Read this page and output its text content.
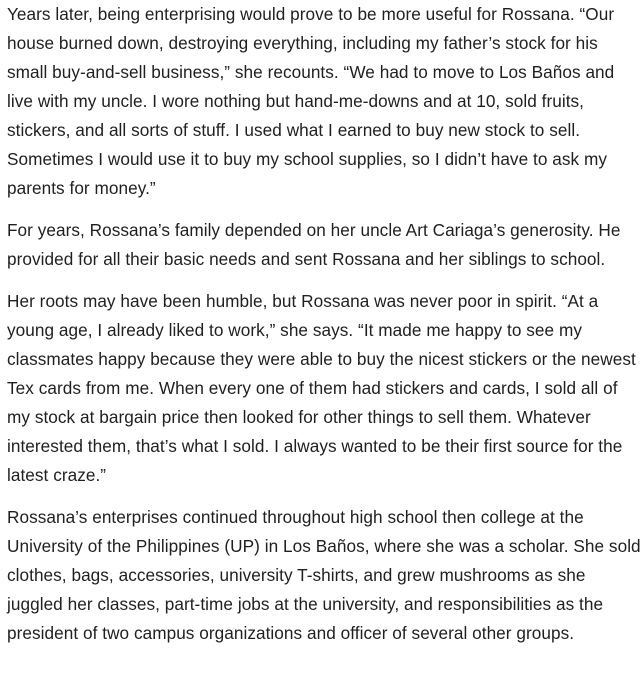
Years later, being enterprising would prove to be more useful for Rossana. “Our house burned down, destroying everything, including my father’s stock for his small buy-and-sell business,” she recounts. “We had to move to Los Baños and live with my uncle. I wore nothing but hand-me-downs and at 10, sold fruits, stickers, and all sorts of stuff. I used what I earned to buy new stock to sell. Sometimes I would use it to buy my school supplies, so I didn’t have to ask my parents for money.”

For years, Rossana’s family depended on her uncle Art Cariaga’s generosity. He provided for all their basic needs and sent Rossana and her siblings to school.

Her roots may have been humble, but Rossana was never poor in spirit. “At a young age, I already liked to work,” she says. “It made me happy to see my classmates happy because they were able to buy the nicest stickers or the newest Tex cards from me. When every one of them had stickers and cards, I sold all of my stock at bargain price then looked for other things to sell them. Whatever interested them, that’s what I sold. I always wanted to be their first source for the latest craze.”

Rossana’s enterprises continued throughout high school then college at the University of the Philippines (UP) in Los Baños, where she was a scholar. She sold clothes, bags, accessories, university T-shirts, and grew mushrooms as she juggled her classes, part-time jobs at the university, and responsibilities as the president of two campus organizations and officer of several other groups.
